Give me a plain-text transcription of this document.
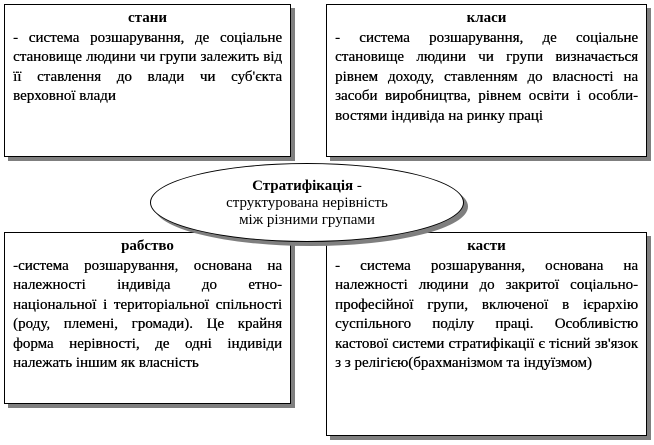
стани

- система розшарування, де соціальне становище людини чи групи залежить від її ставлення до влади чи суб'єкта верховної влади

класи

- система розшарування, де соціальне становище людини чи групи визначається рівнем доходу, ставленням до власності на засоби виробництва, рівнем освіти і особли-востями індивіда на ринку праці

рабство

-система розшарування, основана на належності індивіда до етно-національної і територіальної спільності (роду, племені, громади). Це крайня форма нерівності, де одні індивіди належать іншим як власність

касти

- система розшарування, основана на належності людини до закритої соціально-професійної групи, включеної в ієрархію суспільного поділу праці. Особливістю кастової системи стратифікації є тісний зв'язок з з релігією(брахманізмом та індуїзмом)

Стратифікація -

структурована нерівність

між різними групами
